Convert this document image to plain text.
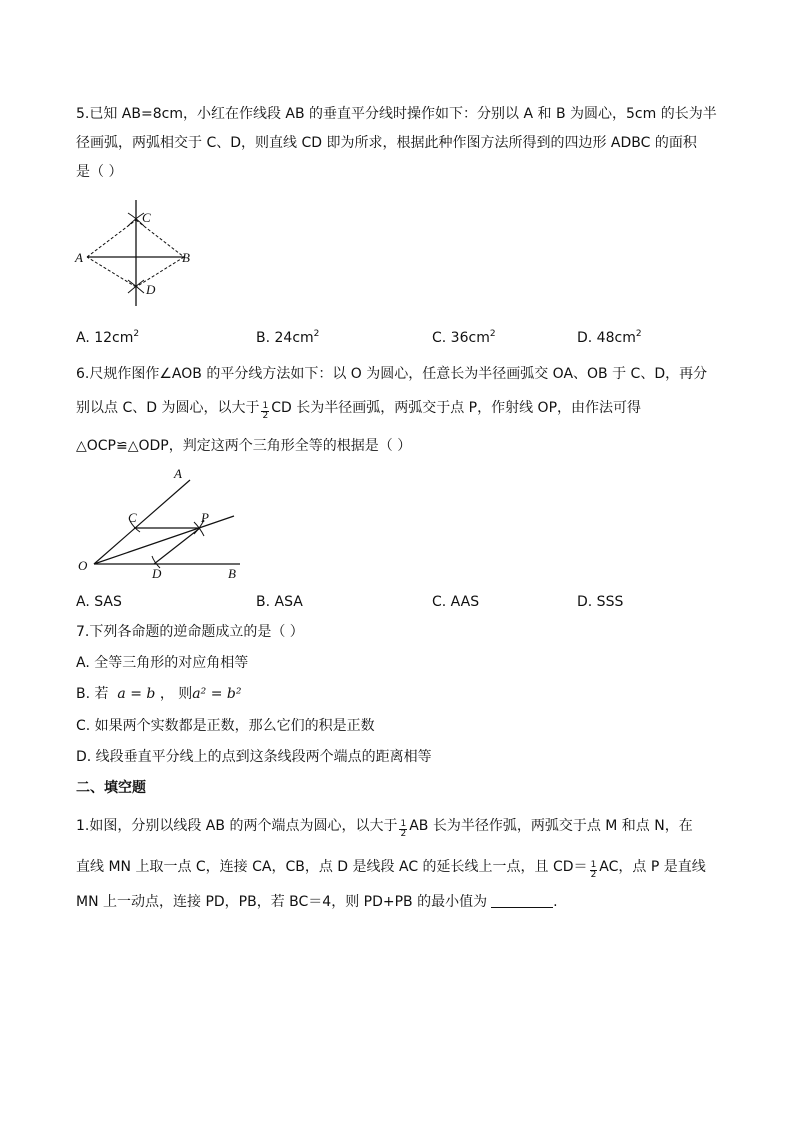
5.已知 AB=8cm，小红在作线段 AB 的垂直平分线时操作如下：分别以 A 和 B 为圆心，5cm 的长为半
径画弧，两弧相交于 C、D，则直线 CD 即为所求，根据此种作图方法所得到的四边形 ADBC 的面积
是（ ）
A	B
C
D
A. $12cm^2$	B. $24cm^2$	C. $36cm^2$	D. $48cm^2$
6.尺规作图作∠AOB 的平分线方法如下：以 O 为圆心，任意长为半径画弧交 OA、OB 于 C、D，再分
别以点 C、D 为圆心，以大于 $\frac{1}{2}$ CD 长为半径画弧，两弧交于点 P，作射线 OP，由作法可得
△OCP≌△ODP，判定这两个三角形全等的根据是（ ）
A
C	P
O
D	B
A. SAS	B. ASA	C. AAS	D. SSS
7.下列各命题的逆命题成立的是（ ）
A. 全等三角形的对应角相等
B. 若 a = b ， 则a² = b²
C. 如果两个实数都是正数，那么它们的积是正数
D. 线段垂直平分线上的点到这条线段两个端点的距离相等
二、填空题
1.如图，分别以线段 AB 的两个端点为圆心，以大于 $\frac{1}{2}$ AB 长为半径作弧，两弧交于点 M 和点 N，在
直线 MN 上取一点 C，连接 CA，CB，点 D 是线段 AC 的延长线上一点，且 $CD= \frac{1}{2}$ AC，点 P 是直线
MN 上一动点，连接 PD，PB，若 BC＝4，则 PD+PB 的最小值为	.
